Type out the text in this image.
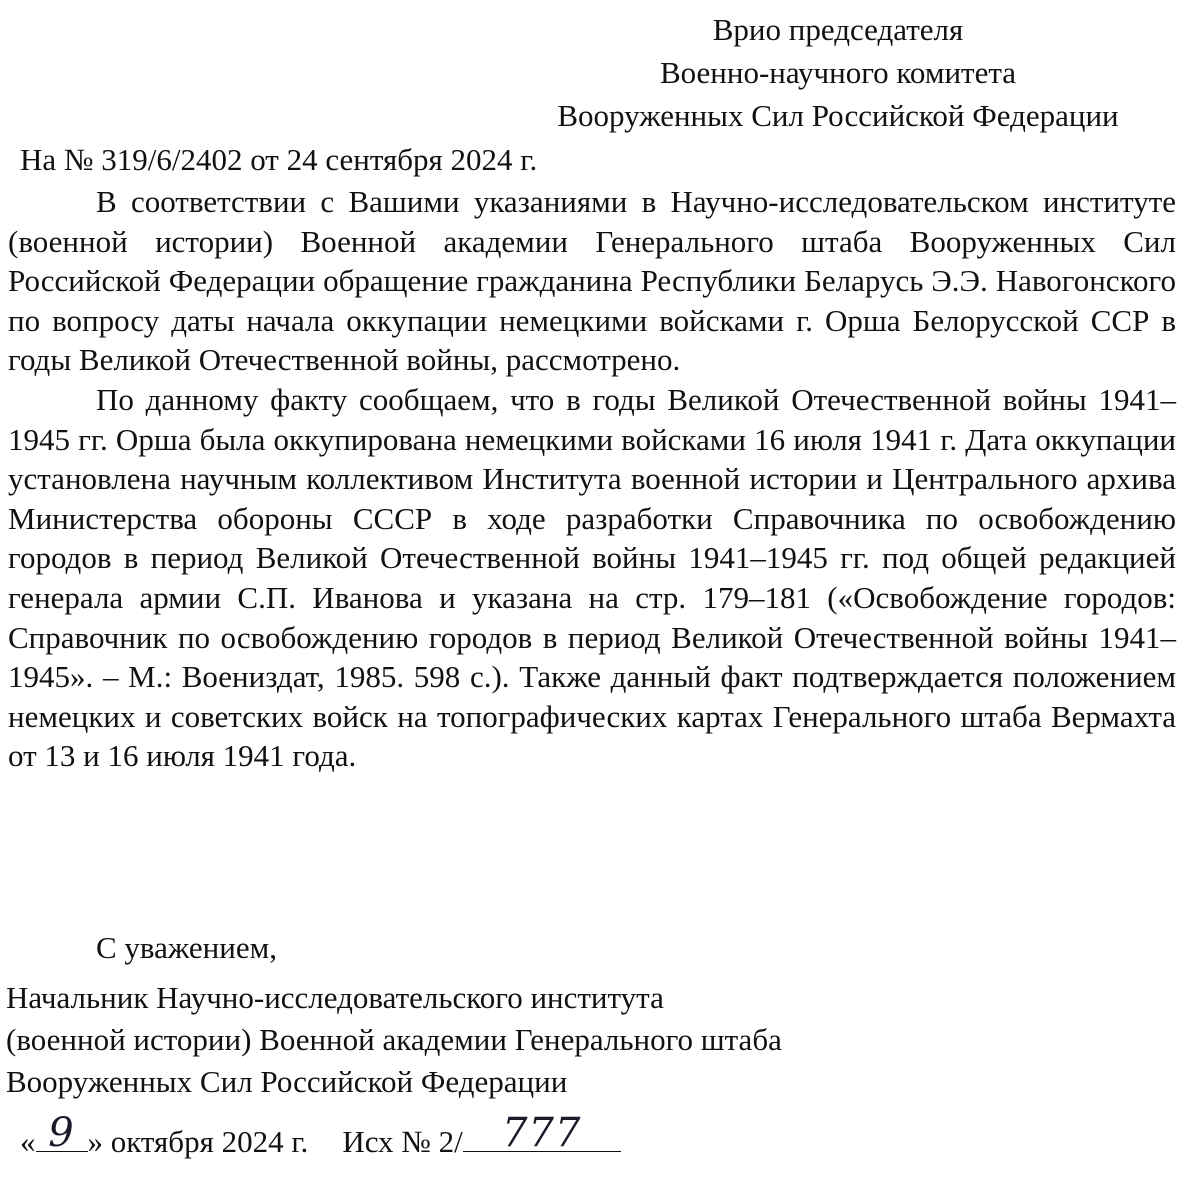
Врио председателя
Военно-научного комитета
Вооруженных Сил Российской Федерации
На № 319/6/2402 от 24 сентября 2024 г.

В соответствии с Вашими указаниями в Научно-исследовательском институте (военной истории) Военной академии Генерального штаба Вооруженных Сил Российской Федерации обращение гражданина Республики Беларусь Э.Э. Навогонского по вопросу даты начала оккупации немецкими войсками г. Орша Белорусской ССР в годы Великой Отечественной войны, рассмотрено.

По данному факту сообщаем, что в годы Великой Отечественной войны 1941–1945 гг. Орша была оккупирована немецкими войсками 16 июля 1941 г. Дата оккупации установлена научным коллективом Института военной истории и Центрального архива Министерства обороны СССР в ходе разработки Справочника по освобождению городов в период Великой Отечественной войны 1941–1945 гг. под общей редакцией генерала армии С.П. Иванова и указана на стр. 179–181 («Освобождение городов: Справочник по освобождению городов в период Великой Отечественной войны 1941–1945». – М.: Воениздат, 1985. 598 с.). Также данный факт подтверждается положением немецких и советских войск на топографических картах Генерального штаба Вермахта от 13 и 16 июля 1941 года.

С уважением,
Начальник Научно-исследовательского института
(военной истории) Военной академии Генерального штаба
Вооруженных Сил Российской Федерации
« 9 » октября 2024 г. Исх № 2/ 777
